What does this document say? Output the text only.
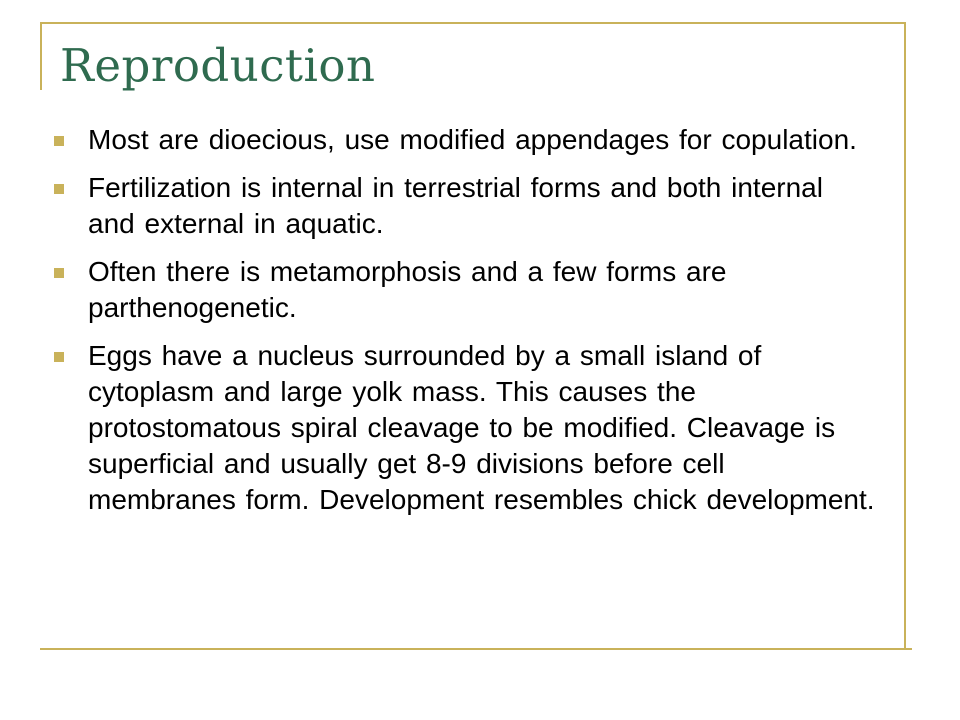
Reproduction
Most are dioecious, use modified appendages for copulation.
Fertilization is internal in terrestrial forms and both internal and external in aquatic.
Often there is metamorphosis and a few forms are parthenogenetic.
Eggs have a nucleus surrounded by a small island of cytoplasm and large yolk mass. This causes the protostomatous spiral cleavage to be modified. Cleavage is superficial and usually get 8-9 divisions before cell membranes form. Development resembles chick development.
